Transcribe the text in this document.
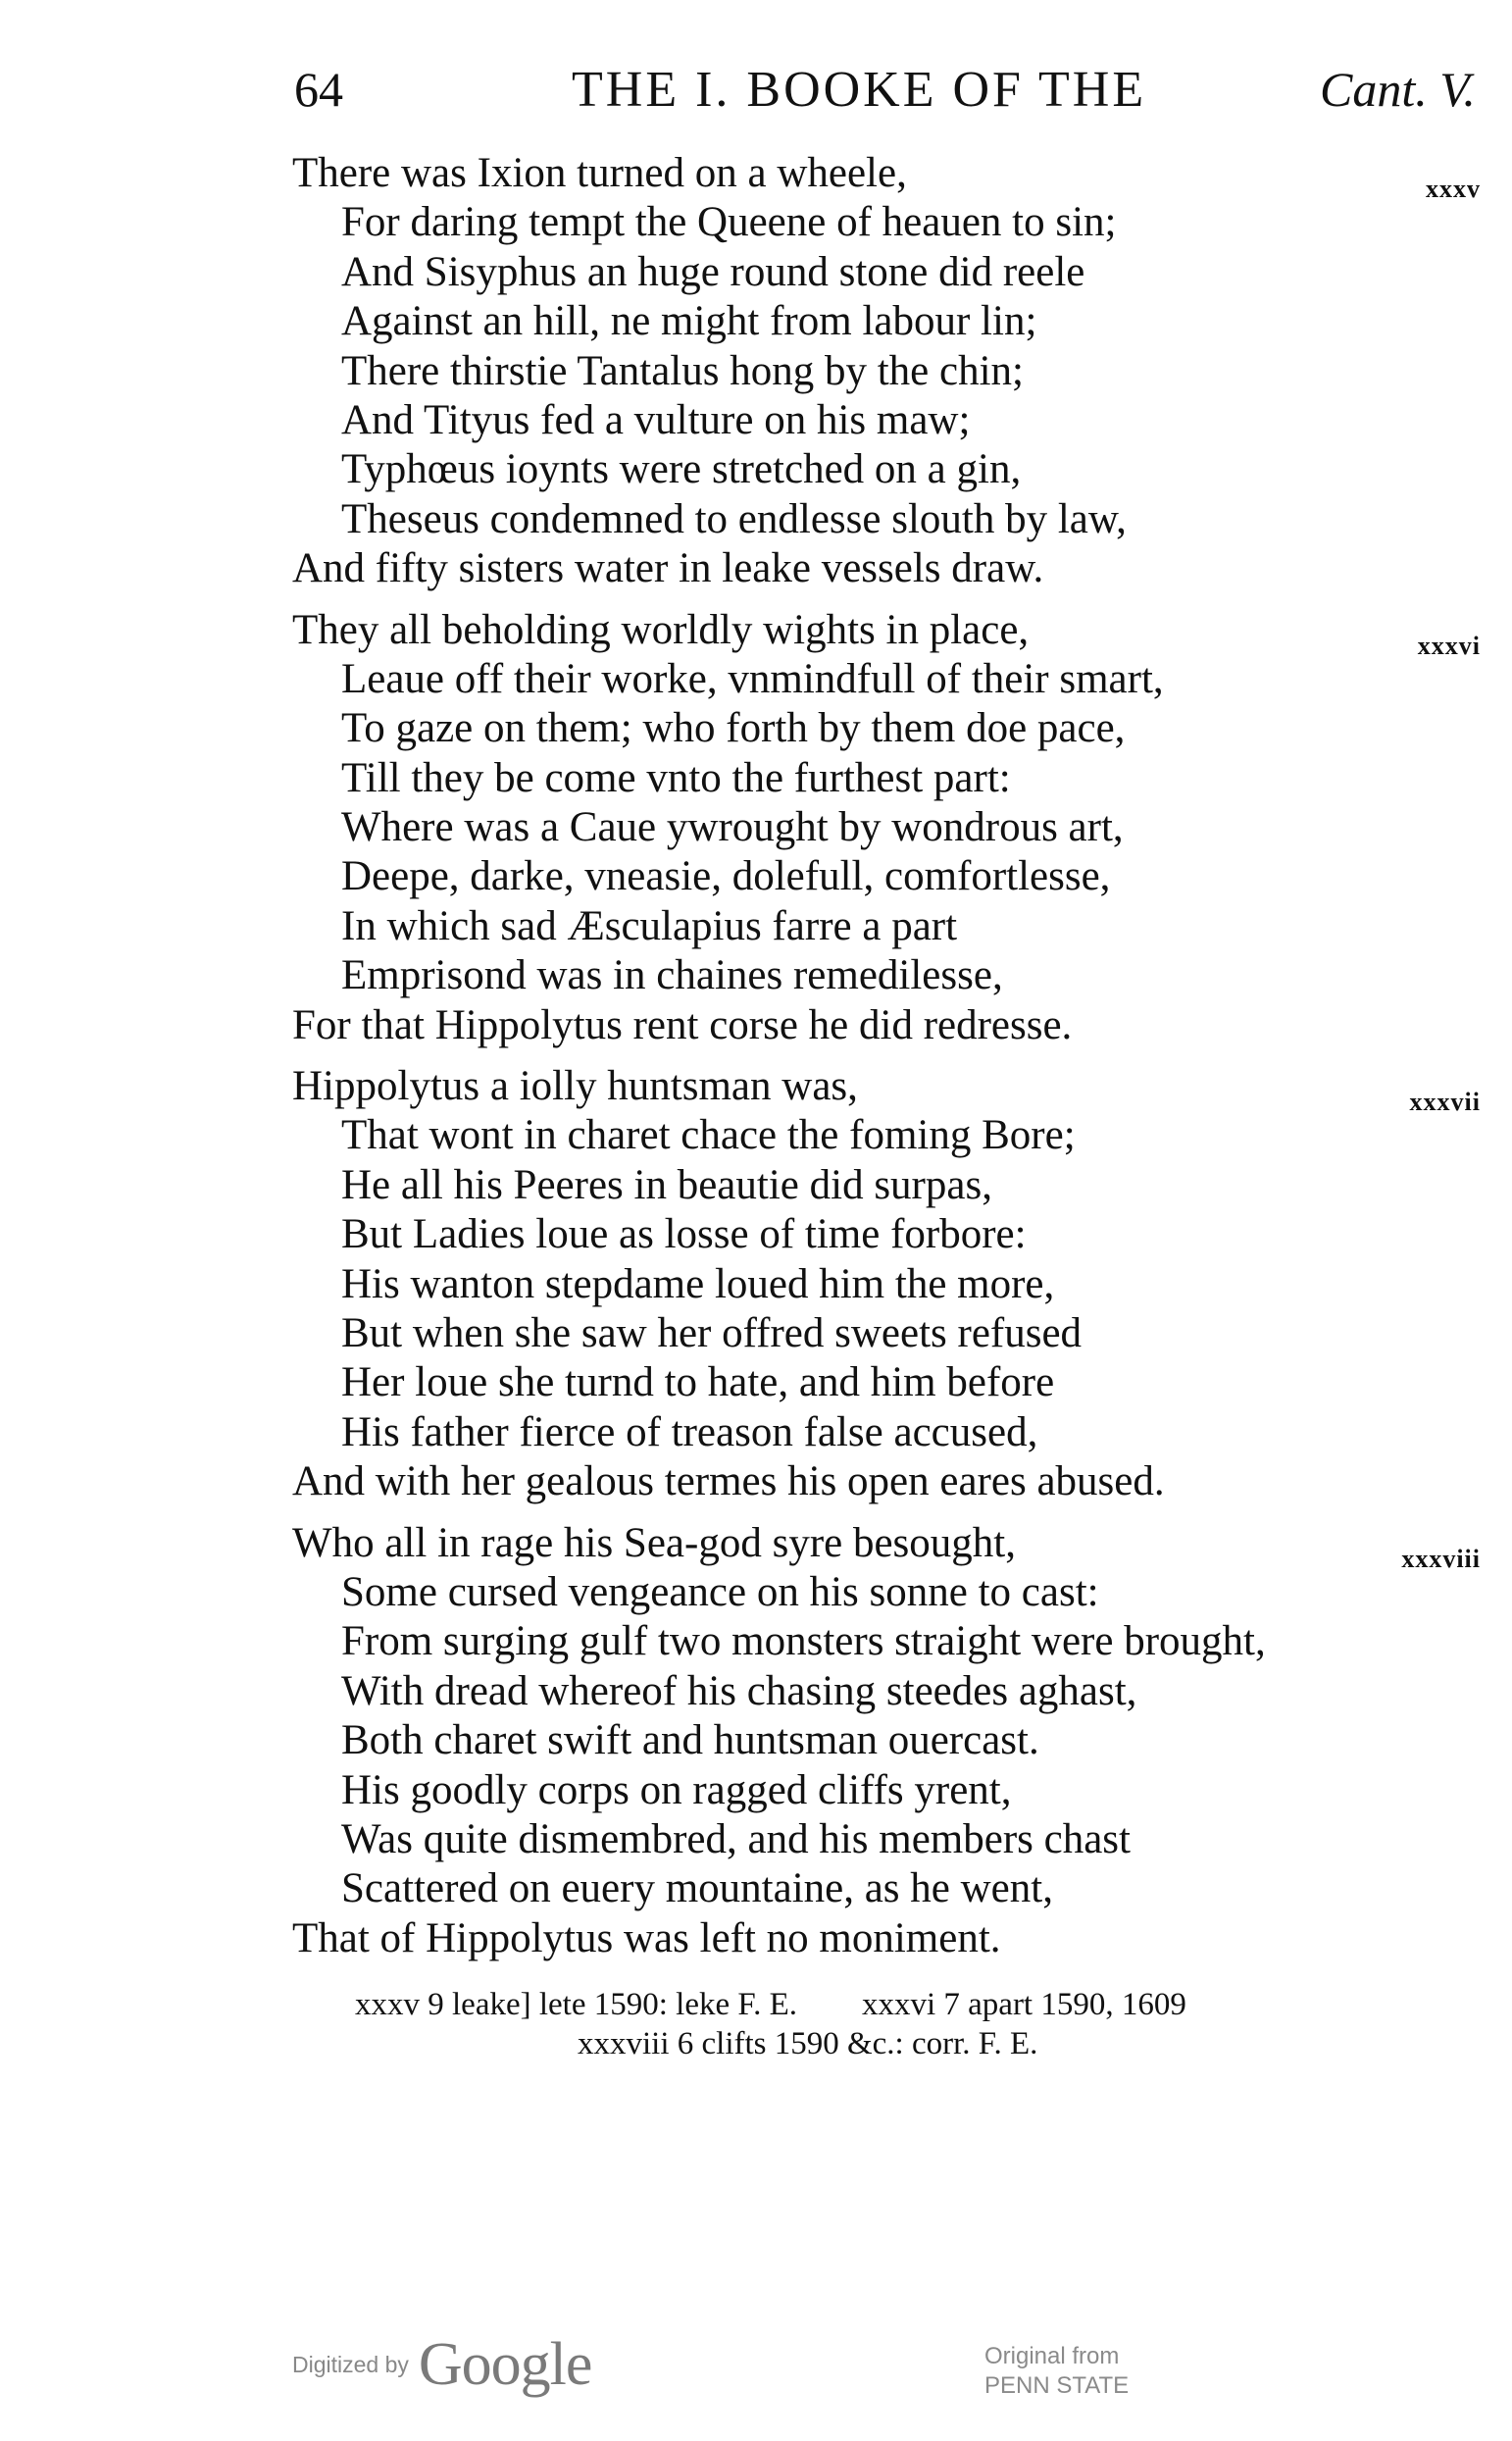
64	THE I. BOOKE OF THE	Cant. V.
xxxv
There was Ixion turned on a wheele,
For daring tempt the Queene of heauen to sin;
And Sisyphus an huge round stone did reele
Against an hill, ne might from labour lin;
There thirstie Tantalus hong by the chin;
And Tityus fed a vulture on his maw;
Typhœus ioynts were stretched on a gin,
Theseus condemned to endlesse slouth by law,
And fifty sisters water in leake vessels draw.
xxxvi
They all beholding worldly wights in place,
Leaue off their worke, vnmindfull of their smart,
To gaze on them; who forth by them doe pace,
Till they be come vnto the furthest part:
Where was a Caue ywrought by wondrous art,
Deepe, darke, vneasie, dolefull, comfortlesse,
In which sad Æsculapius farre a part
Emprisond was in chaines remedilesse,
For that Hippolytus rent corse he did redresse.
xxxvii
Hippolytus a iolly huntsman was,
That wont in charet chace the foming Bore;
He all his Peeres in beautie did surpas,
But Ladies loue as losse of time forbore:
His wanton stepdame loued him the more,
But when she saw her offred sweets refused
Her loue she turnd to hate, and him before
His father fierce of treason false accused,
And with her gealous termes his open eares abused.
xxxviii
Who all in rage his Sea-god syre besought,
Some cursed vengeance on his sonne to cast:
From surging gulf two monsters straight were brought,
With dread whereof his chasing steedes aghast,
Both charet swift and huntsman ouercast.
His goodly corps on ragged cliffs yrent,
Was quite dismembred, and his members chast
Scattered on euery mountaine, as he went,
That of Hippolytus was left no moniment.
xxxv 9 leake] lete 1590: leke F. E. xxxvi 7 apart 1590, 1609
xxxviii 6 clifts 1590 &c.: corr. F. E.
Digitized by Google	Original from
PENN STATE
